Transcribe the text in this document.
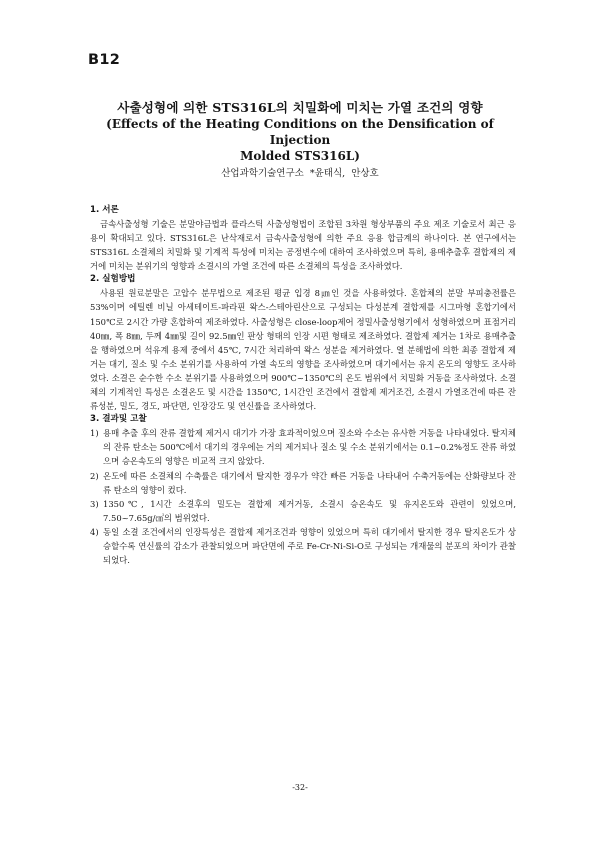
B12
사출성형에 의한 STS316L의 치밀화에 미치는 가열 조건의 영향
(Effects of the Heating Conditions on the Densification of Injection
Molded STS316L)
산업과학기술연구소 *윤태식, 안상호
1. 서론

금속사출성형 기술은 분말야금법과 플라스틱 사출성형법이 조합된 3차원 형상부품의 주요 제조 기술로서 최근 응용이 확대되고 있다. STS316L은 난삭재로서 금속사출성형에 의한 주요 응용 합금계의 하나이다. 본 연구에서는 STS316L 소결체의 치밀화 및 기계적 특성에 미치는 공정변수에 대하여 조사하였으며 특히, 용매추출후 결합제의 제거에 미치는 분위기의 영향과 소결시의 가열 조건에 따른 소결체의 특성을 조사하였다.

2. 실험방법

사용된 원료분말은 고압수 분무법으로 제조된 평균 입경 8㎛인 것을 사용하였다. 혼합체의 분말 부피충전률은 53%이며 에틸렌 비닐 아세테이트-파라핀 왁스-스테아린산으로 구성되는 다성분계 결합제를 시그마형 혼합기에서 150℃로 2시간 가량 혼합하여 제조하였다. 사출성형은 close-loop제어 정밀사출성형기에서 성형하였으며 표점거리 40㎜, 폭 8㎜, 두께 4㎜및 길이 92.5㎜인 판상 형태의 인장 시편 형태로 제조하였다. 결합제 제거는 1차로 용매추출을 행하였으며 석유계 용제 중에서 45℃, 7시간 처리하여 왁스 성분을 제거하였다. 열 분해법에 의한 최종 결합제 제거는 대기, 질소 및 수소 분위기를 사용하여 가열 속도의 영향을 조사하였으며 대기에서는 유지 온도의 영향도 조사하였다. 소결은 순수한 수소 분위기를 사용하였으며 900℃~1350℃의 온도 범위에서 치밀화 거동을 조사하였다. 소결체의 기계적인 특성은 소결온도 및 시간을 1350℃, 1시간인 조건에서 결합제 제거조건, 소결시 가열조건에 따른 잔류성분, 밀도, 경도, 파단면, 인장강도 및 연신률을 조사하였다.

3. 결과및 고찰
1) 용매 추출 후의 잔류 결합제 제거시 대기가 가장 효과적이었으며 질소와 수소는 유사한 거동을 나타내었다. 탈지체의 잔류 탄소는 500℃에서 대기의 경우에는 거의 제거되나 질소 및 수소 분위기에서는 0.1~0.2%정도 잔류 하였으며 승온속도의 영향은 비교적 크지 않았다.
2) 온도에 따른 소결체의 수축률은 대기에서 탈지한 경우가 약간 빠른 거동을 나타내어 수축거동에는 산화량보다 잔류 탄소의 영향이 컸다.
3) 1350℃, 1시간 소결후의 밀도는 결합제 제거거동, 소결시 승온속도 및 유지온도와 관련이 있었으며, 7.50~7.65g/㎤의 범위였다.
4) 동일 소결 조건에서의 인장특성은 결합제 제거조건과 영향이 있었으며 특히 대기에서 탈지한 경우 탈지온도가 상승할수록 연신률의 감소가 관찰되었으며 파단면에 주로 Fe-Cr-Ni-Si-O로 구성되는 개재물의 분포의 차이가 관찰되었다.
-32-
